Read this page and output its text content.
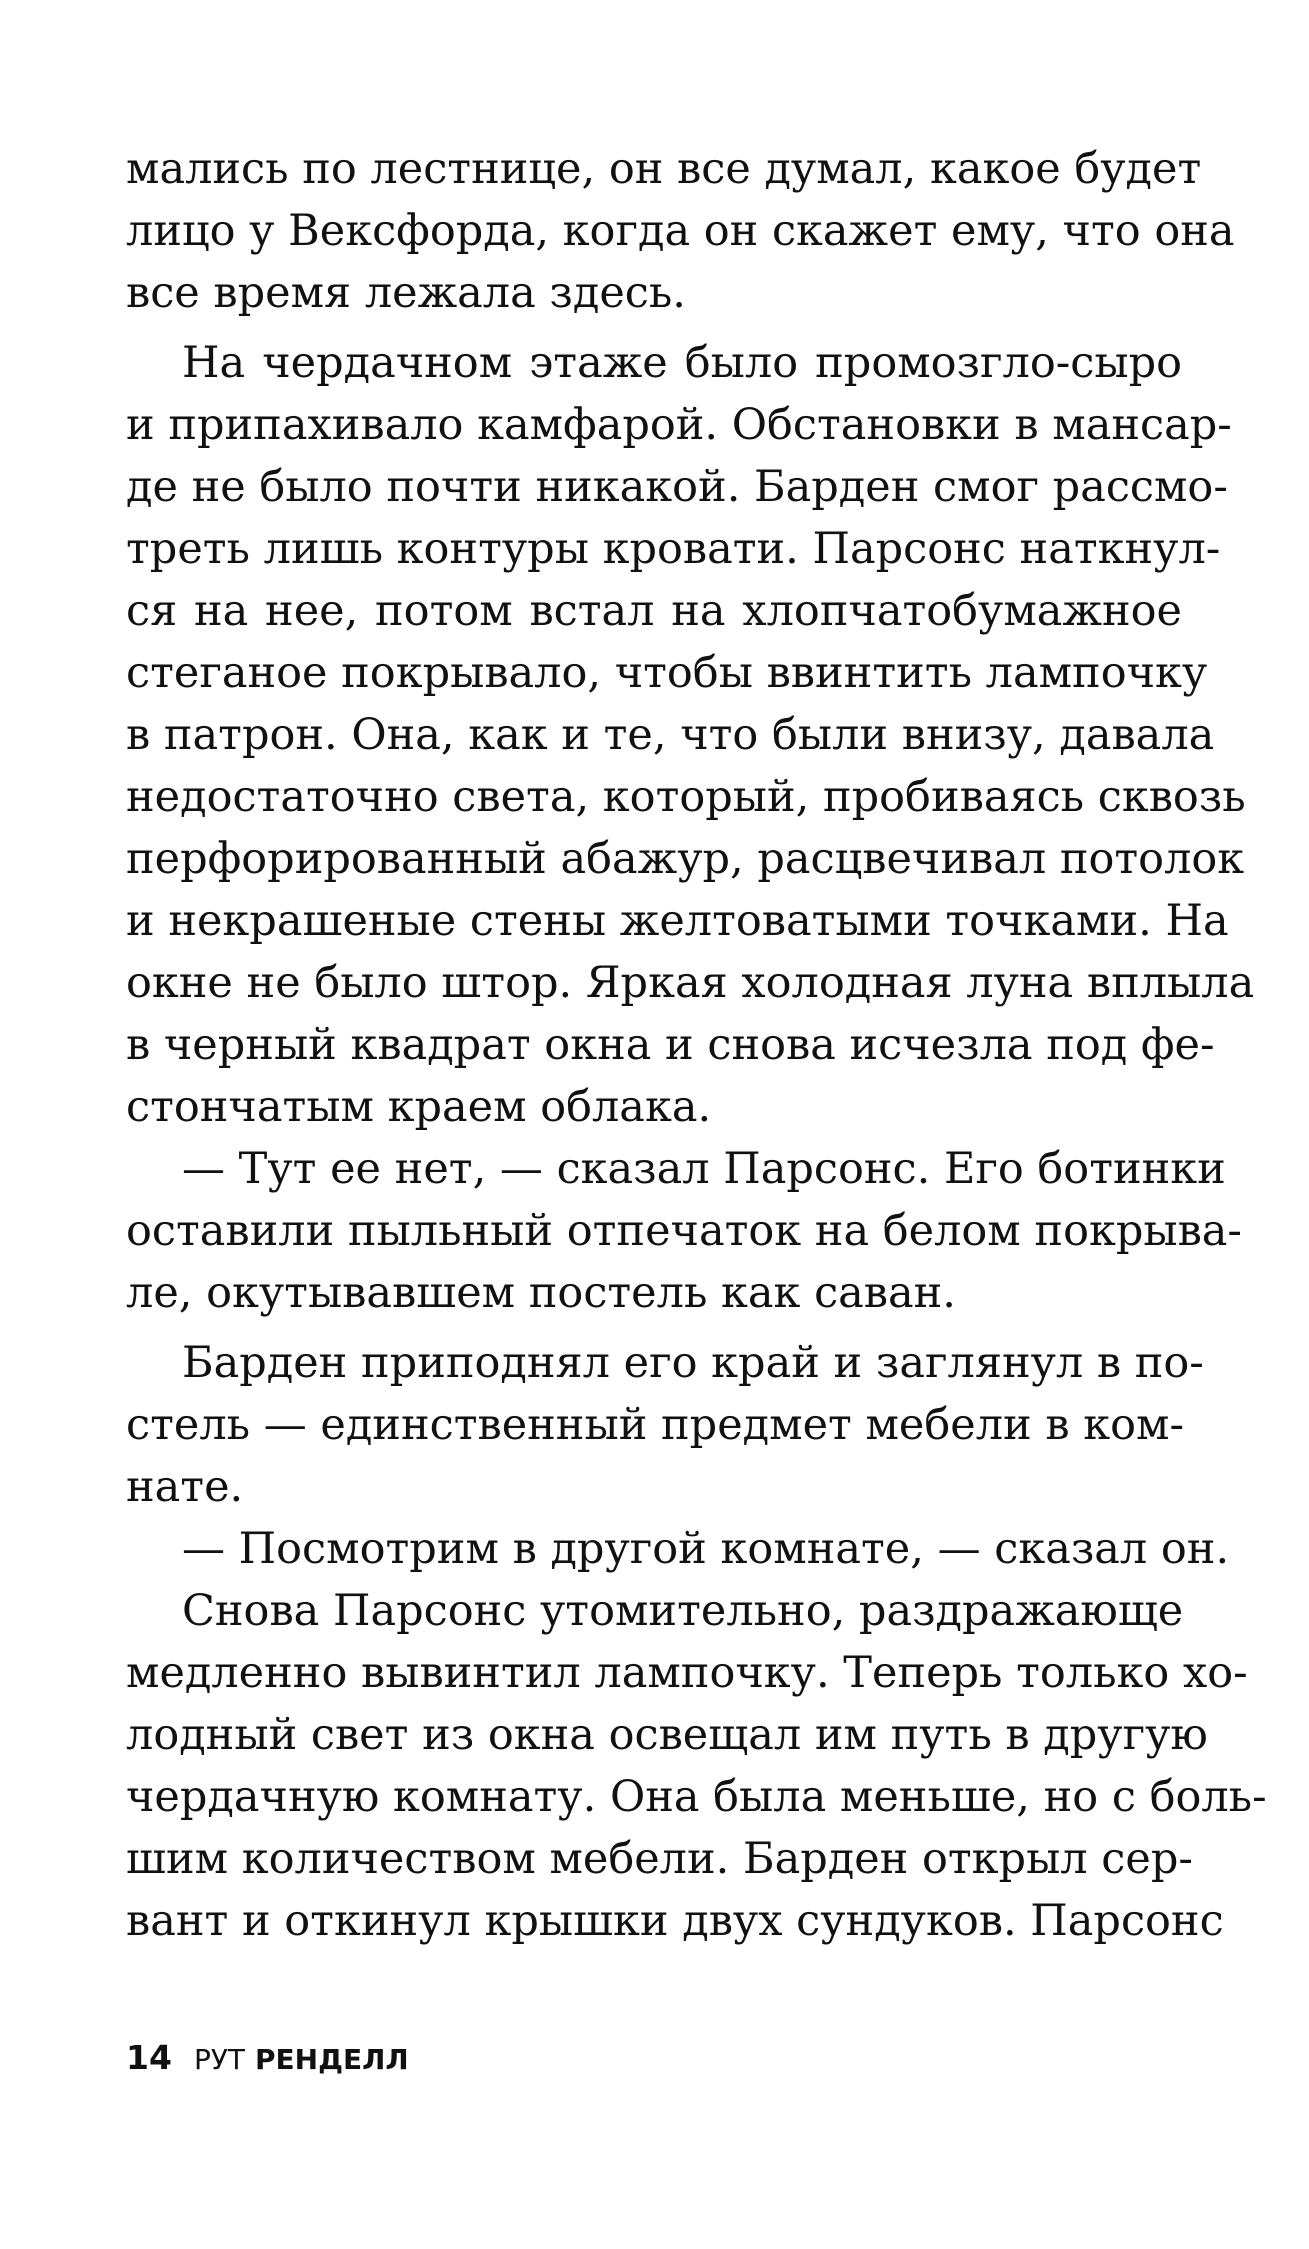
мались по лестнице, он все думал, какое будет
лицо у Вексфорда, когда он скажет ему, что она
все время лежала здесь.
На чердачном этаже было промозгло-сыро
и припахивало камфарой. Обстановки в мансар-
де не было почти никакой. Барден смог рассмо-
треть лишь контуры кровати. Парсонс наткнул-
ся на нее, потом встал на хлопчатобумажное
стеганое покрывало, чтобы ввинтить лампочку
в патрон. Она, как и те, что были внизу, давала
недостаточно света, который, пробиваясь сквозь
перфорированный абажур, расцвечивал потолок
и некрашеные стены желтоватыми точками. На
окне не было штор. Яркая холодная луна вплыла
в черный квадрат окна и снова исчезла под фе-
стончатым краем облака.
— Тут ее нет, — сказал Парсонс. Его ботинки
оставили пыльный отпечаток на белом покрыва-
ле, окутывавшем постель как саван.
Барден приподнял его край и заглянул в по-
стель — единственный предмет мебели в ком-
нате.
— Посмотрим в другой комнате, — сказал он.
Снова Парсонс утомительно, раздражающе
медленно вывинтил лампочку. Теперь только хо-
лодный свет из окна освещал им путь в другую
чердачную комнату. Она была меньше, но с боль-
шим количеством мебели. Барден открыл сер-
вант и откинул крышки двух сундуков. Парсонс
14 РУТ РЕНДЕЛЛ
